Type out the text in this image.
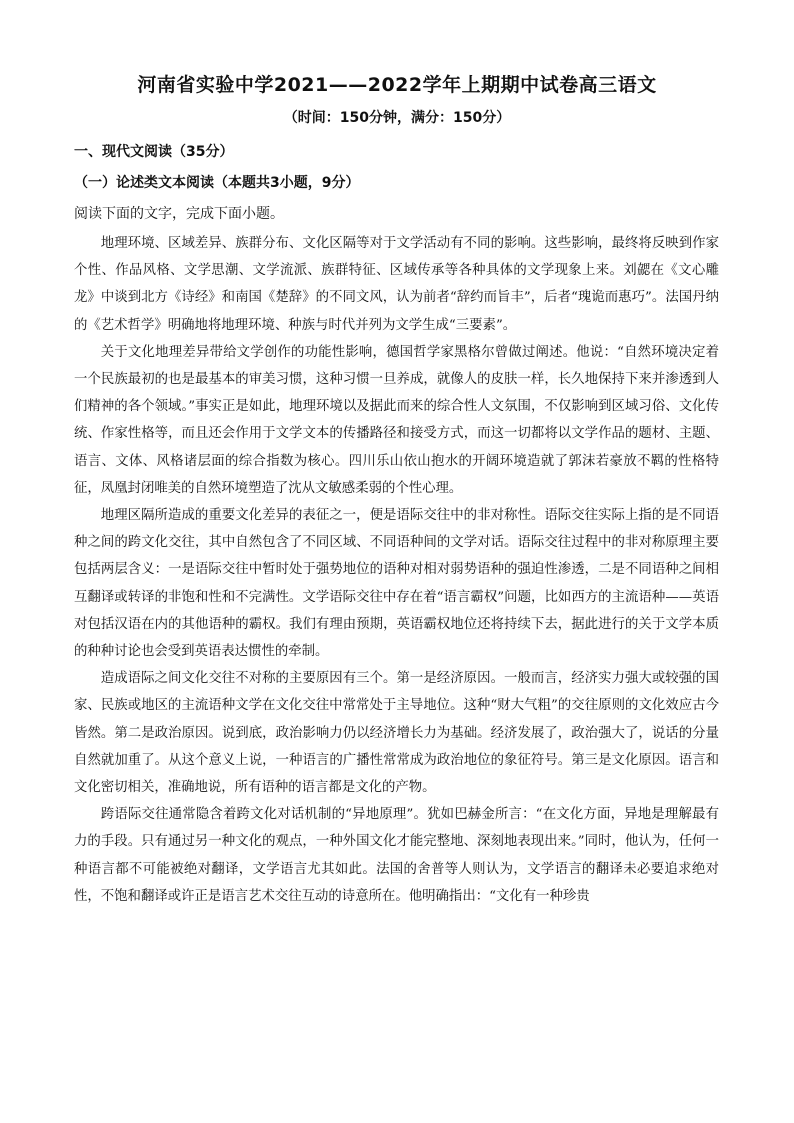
河南省实验中学2021——2022学年上期期中试卷高三语文
（时间：150分钟，满分：150分）
一、现代文阅读（35分）
（一）论述类文本阅读（本题共3小题，9分）
阅读下面的文字，完成下面小题。

地理环境、区域差异、族群分布、文化区隔等对于文学活动有不同的影响。这些影响，最终将反映到作家个性、作品风格、文学思潮、文学流派、族群特征、区域传承等各种具体的文学现象上来。刘勰在《文心雕龙》中谈到北方《诗经》和南国《楚辞》的不同文风，认为前者“辞约而旨丰”，后者“瑰诡而惠巧”。法国丹纳的《艺术哲学》明确地将地理环境、种族与时代并列为文学生成“三要素”。

关于文化地理差异带给文学创作的功能性影响，德国哲学家黑格尔曾做过阐述。他说：“自然环境决定着一个民族最初的也是最基本的审美习惯，这种习惯一旦养成，就像人的皮肤一样，长久地保持下来并渗透到人们精神的各个领域。”事实正是如此，地理环境以及据此而来的综合性人文氛围，不仅影响到区域习俗、文化传统、作家性格等，而且还会作用于文学文本的传播路径和接受方式，而这一切都将以文学作品的题材、主题、语言、文体、风格诸层面的综合指数为核心。四川乐山依山抱水的开阔环境造就了郭沫若豪放不羁的性格特征，凤凰封闭唯美的自然环境塑造了沈从文敏感柔弱的个性心理。

地理区隔所造成的重要文化差异的表征之一，便是语际交往中的非对称性。语际交往实际上指的是不同语种之间的跨文化交往，其中自然包含了不同区域、不同语种间的文学对话。语际交往过程中的非对称原理主要包括两层含义：一是语际交往中暂时处于强势地位的语种对相对弱势语种的强迫性渗透，二是不同语种之间相互翻译或转译的非饱和性和不完满性。文学语际交往中存在着“语言霸权”问题，比如西方的主流语种——英语对包括汉语在内的其他语种的霸权。我们有理由预期，英语霸权地位还将持续下去，据此进行的关于文学本质的种种讨论也会受到英语表达惯性的牵制。

造成语际之间文化交往不对称的主要原因有三个。第一是经济原因。一般而言，经济实力强大或较强的国家、民族或地区的主流语种文学在文化交往中常常处于主导地位。这种“财大气粗”的交往原则的文化效应古今皆然。第二是政治原因。说到底，政治影响力仍以经济增长力为基础。经济发展了，政治强大了，说话的分量自然就加重了。从这个意义上说，一种语言的广播性常常成为政治地位的象征符号。第三是文化原因。语言和文化密切相关，准确地说，所有语种的语言都是文化的产物。

跨语际交往通常隐含着跨文化对话机制的“异地原理”。犹如巴赫金所言：“在文化方面，异地是理解最有力的手段。只有通过另一种文化的观点，一种外国文化才能完整地、深刻地表现出来。”同时，他认为，任何一种语言都不可能被绝对翻译，文学语言尤其如此。法国的舍普等人则认为，文学语言的翻译未必要追求绝对性，不饱和翻译或许正是语言艺术交往互动的诗意所在。他明确指出：“文化有一种珍贵
